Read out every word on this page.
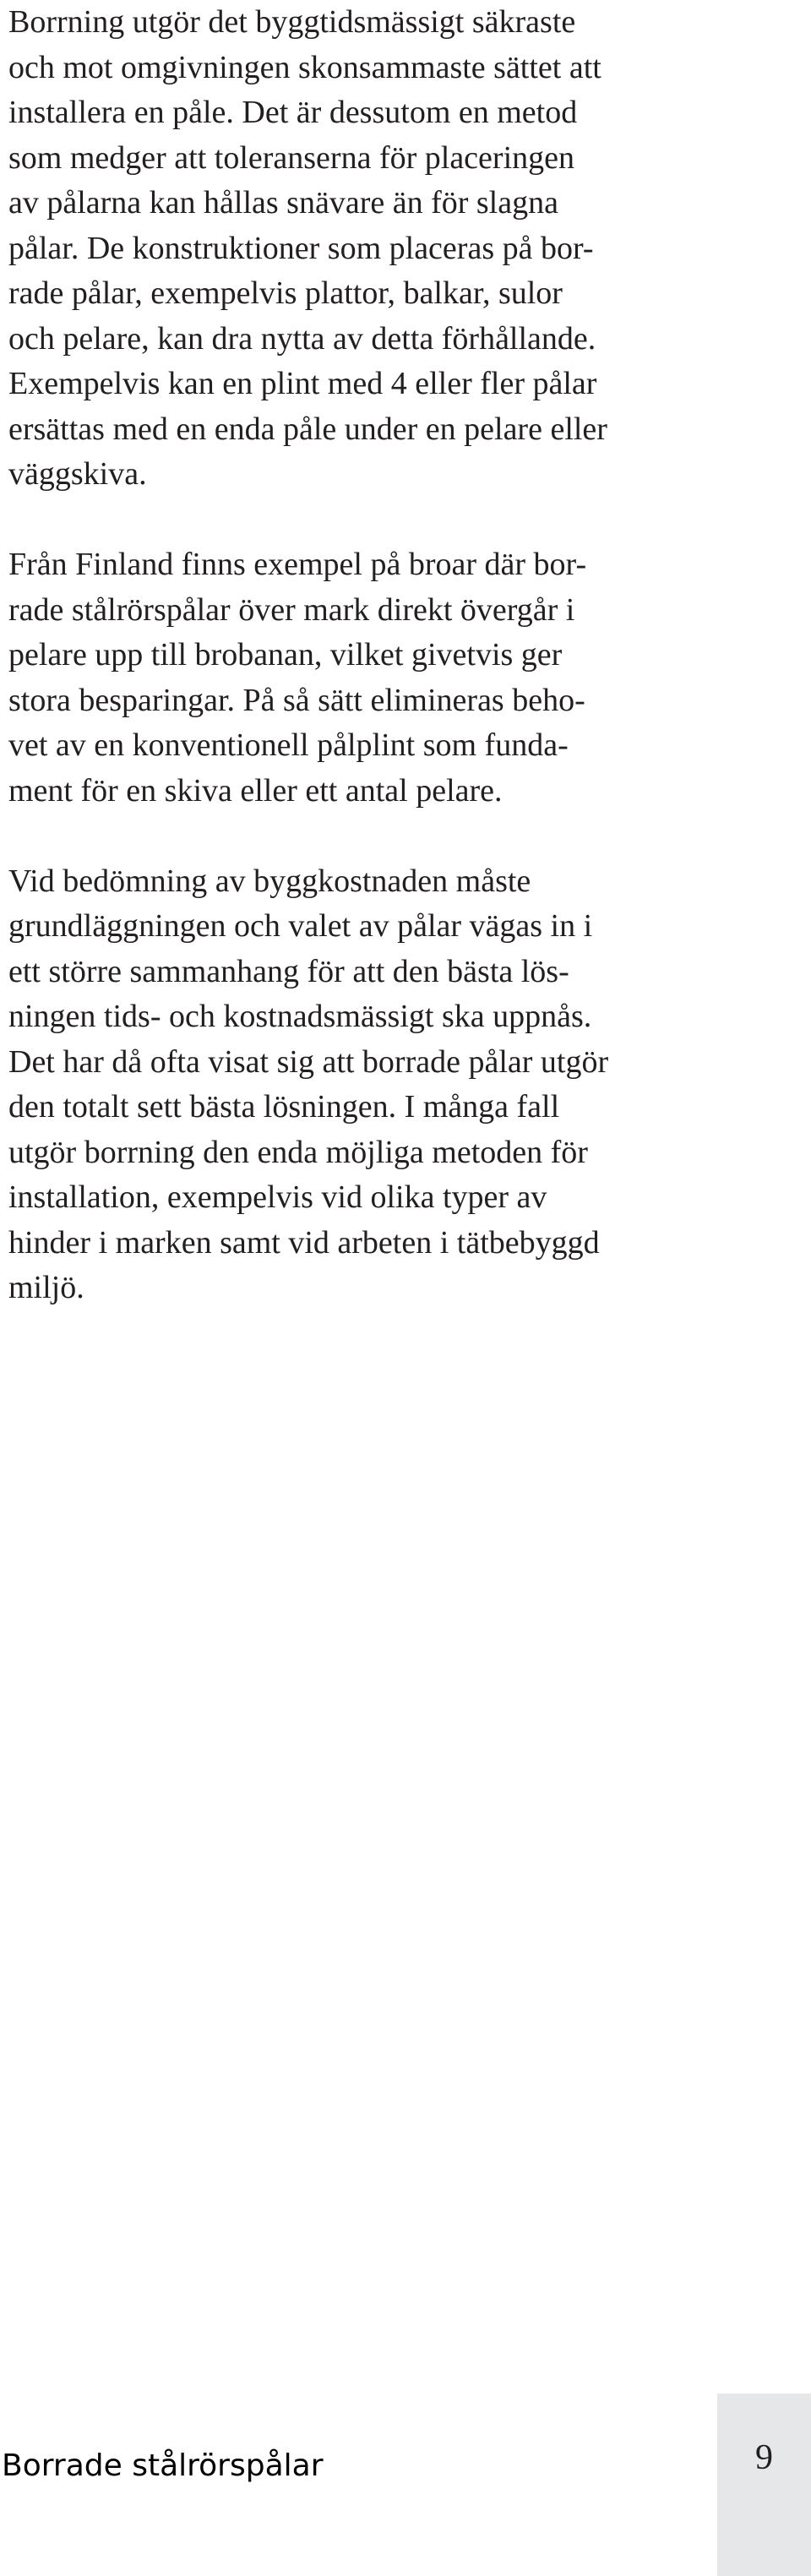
Borrning utgör det byggtidsmässigt säkraste
och mot omgivningen skonsammaste sättet att
installera en påle. Det är dessutom en metod
som medger att toleranserna för placeringen
av pålarna kan hållas snävare än för slagna
pålar. De konstruktioner som placeras på bor-
rade pålar, exempelvis plattor, balkar, sulor
och pelare, kan dra nytta av detta förhållande.
Exempelvis kan en plint med 4 eller fler pålar
ersättas med en enda påle under en pelare eller
väggskiva.
Från Finland finns exempel på broar där bor-
rade stålrörspålar över mark direkt övergår i
pelare upp till brobanan, vilket givetvis ger
stora besparingar. På så sätt elimineras beho-
vet av en konventionell pålplint som funda-
ment för en skiva eller ett antal pelare.
Vid bedömning av byggkostnaden måste
grundläggningen och valet av pålar vägas in i
ett större sammanhang för att den bästa lös-
ningen tids- och kostnadsmässigt ska uppnås.
Det har då ofta visat sig att borrade pålar utgör
den totalt sett bästa lösningen. I många fall
utgör borrning den enda möjliga metoden för
installation, exempelvis vid olika typer av
hinder i marken samt vid arbeten i tätbebyggd
miljö.
Borrade stålrörspålar	9
